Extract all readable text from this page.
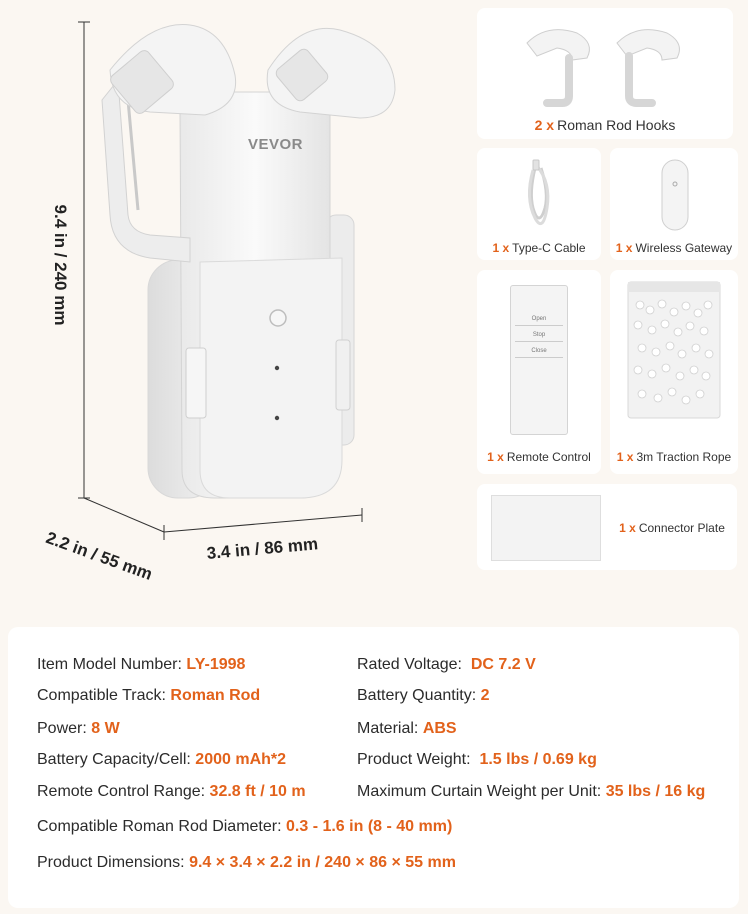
VEVOR
9.4 in / 240 mm
2.2 in / 55 mm	3.4 in / 86 mm
2 x Roman Rod Hooks
1 x Type-C Cable	1 x Wireless Gateway
Open
Stop
Close
1 x Remote Control	1 x 3m Traction Rope
1 x Connector Plate
Item Model Number: LY-1998	Rated Voltage: DC 7.2 V
Compatible Track: Roman Rod	Battery Quantity: 2
Power: 8 W	Material: ABS
Battery Capacity/Cell: 2000 mAh*2	Product Weight: 1.5 lbs / 0.69 kg
Remote Control Range: 32.8 ft / 10 m	Maximum Curtain Weight per Unit: 35 lbs / 16 kg
Compatible Roman Rod Diameter: 0.3 - 1.6 in (8 - 40 mm)
Product Dimensions: 9.4 × 3.4 × 2.2 in / 240 × 86 × 55 mm
